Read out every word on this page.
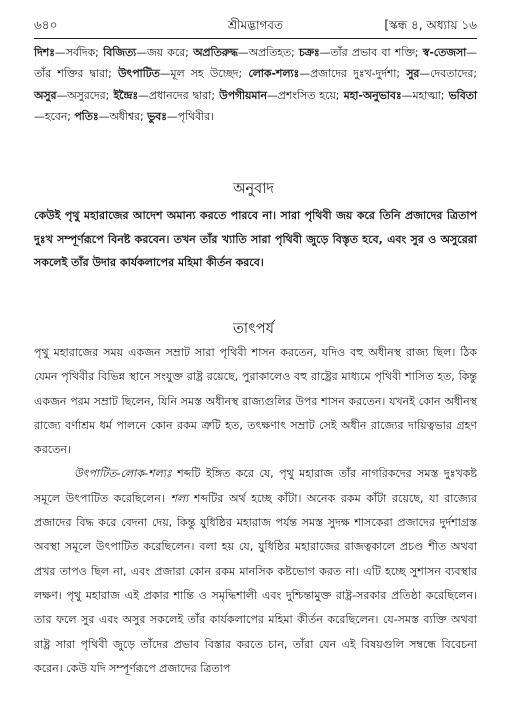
৬৪০	শ্রীমদ্ভাগবত	[স্কন্ধ ৪, অধ্যায় ১৬
দিশঃ—সর্বদিক; বিজিত্য—জয় করে; অপ্রতিরুদ্ধ—অপ্রতিহত; চক্রঃ—তাঁর প্রভাব বা শক্তি; স্ব-তেজসা—তাঁর শক্তির দ্বারা; উৎপাটিত—মূল সহ উচ্ছেদ; লোক-শল্যঃ—প্রজাদের দুঃখ-দুর্দশা; সুর—দেবতাদের; অসুর—অসুরদের; ইন্দ্রৈঃ—প্রধানদের দ্বারা; উপগীয়মান—প্রশংসিত হয়ে; মহা-অনুভাবঃ—মহাত্মা; ভবিতা—হবেন; পতিঃ—অধীশ্বর; ভুবঃ—পৃথিবীর।
অনুবাদ
কেউই পৃথু মহারাজের আদেশ অমান্য করতে পারবে না। সারা পৃথিবী জয় করে তিনি প্রজাদের ত্রিতাপ দুঃখ সম্পূর্ণরূপে বিনষ্ট করবেন। তখন তাঁর খ্যাতি সারা পৃথিবী জুড়ে বিস্তৃত হবে, এবং সুর ও অসুরেরা সকলেই তাঁর উদার কার্যকলাপের মহিমা কীর্তন করবে।
তাৎপর্য

পৃথু মহারাজের সময় একজন সম্রাট সারা পৃথিবী শাসন করতেন, যদিও বহু অধীনস্থ রাজ্য ছিল। ঠিক যেমন পৃথিবীর বিভিন্ন স্থানে সংযুক্ত রাষ্ট্র রয়েছে, পুরাকালেও বহু রাষ্ট্রের মাধ্যমে পৃথিবী শাসিত হত, কিন্তু একজন পরম সম্রাট ছিলেন, যিনি সমস্ত অধীনস্থ রাজ্যগুলির উপর শাসন করতেন। যখনই কোন অধীনস্থ রাজ্যে বর্ণাশ্রম ধর্ম পালনে কোন রকম ত্রুটি হত, তৎক্ষণাৎ সম্রাট সেই অধীন রাজ্যের দায়িত্বভার গ্রহণ করতেন।

উৎপাটিত-লোক-শল্যঃ শব্দটি ইঙ্গিত করে যে, পৃথু মহারাজ তাঁর নাগরিকদের সমস্ত দুঃখকষ্ট সমূলে উৎপাটিত করেছিলেন। শল্য শব্দটির অর্থ হচ্ছে কাঁটা। অনেক রকম কাঁটা রয়েছে, যা রাজ্যের প্রজাদের বিদ্ধ করে বেদনা দেয়, কিন্তু যুধিষ্ঠির মহারাজ পর্যন্ত সমস্ত সুদক্ষ শাসকেরা প্রজাদের দুর্দশাগ্রস্ত অবস্থা সমূলে উৎপাটিত করেছিলেন। বলা হয় যে, যুধিষ্ঠির মহারাজের রাজত্বকালে প্রচণ্ড শীত অথবা প্রখর তাপও ছিল না, এবং প্রজারা কোন রকম মানসিক কষ্টভোগ করত না। এটি হচ্ছে সুশাসন ব্যবস্থার লক্ষণ। পৃথু মহারাজ এই প্রকার শান্তি ও সমৃদ্ধিশালী এবং দুশ্চিন্তামুক্ত রাষ্ট্র-সরকার প্রতিষ্ঠা করেছিলেন। তার ফলে সুর এবং অসুর সকলেই তাঁর কার্যকলাপের মহিমা কীর্তন করেছিলেন। যে-সমস্ত ব্যক্তি অথবা রাষ্ট্র সারা পৃথিবী জুড়ে তাঁদের প্রভাব বিস্তার করতে চান, তাঁরা যেন এই বিষয়গুলি সম্বন্ধে বিবেচনা করেন। কেউ যদি সম্পূর্ণরূপে প্রজাদের ত্রিতাপ
